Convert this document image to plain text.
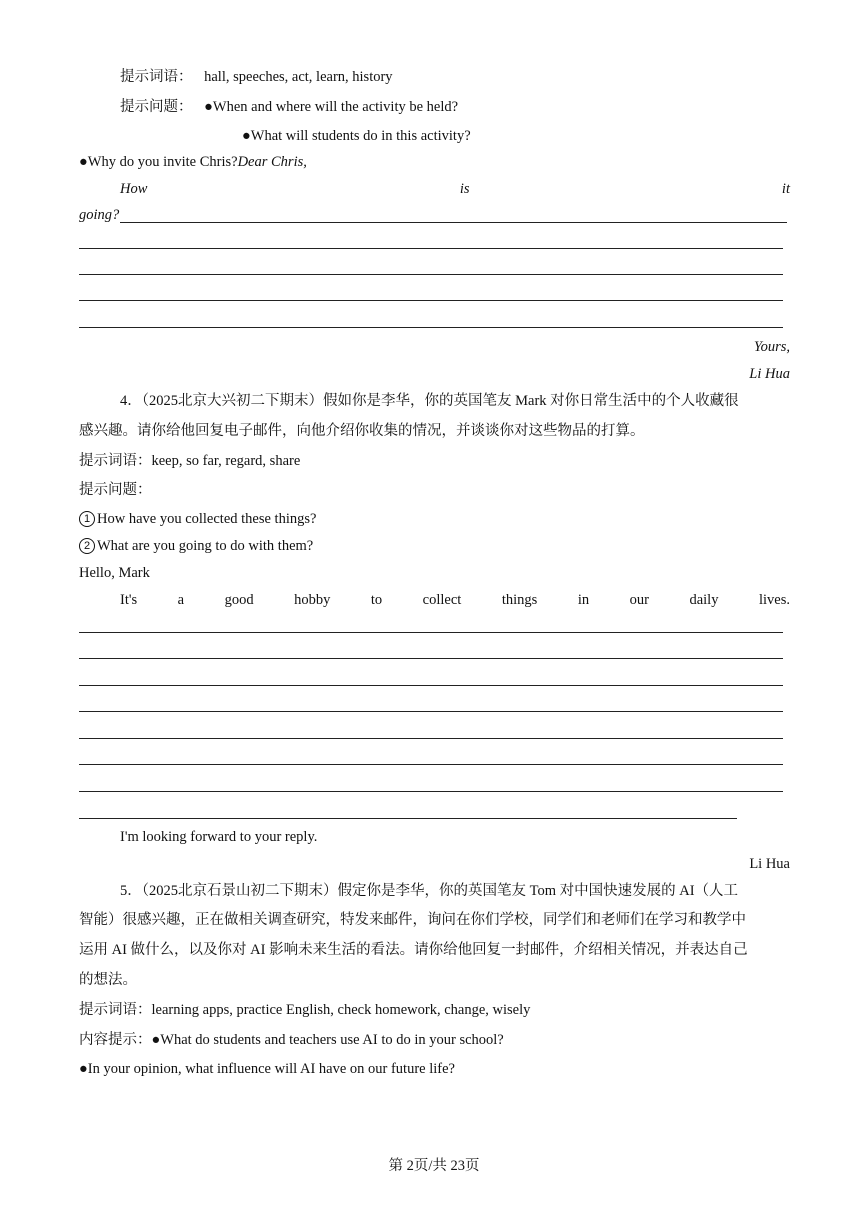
提示词语： hall, speeches, act, learn, history
提示问题： ●When and where will the activity be held?
●What will students do in this activity?
●Why do you invite Chris?Dear Chris,
How	is	it
going?
Yours,
Li Hua
4．（2025北京大兴初二下期末）假如你是李华，你的英国笔友 Mark 对你日常生活中的个人收藏很
感兴趣。请你给他回复电子邮件，向他介绍你收集的情况，并谈谈你对这些物品的打算。
提示词语：keep, so far, regard, share
提示问题：
1 How have you collected these things?
2 What are you going to do with them?
Hello, Mark
It's	a	good	hobby	to	collect	things	in	our	daily	lives.
I'm looking forward to your reply.
Li Hua
5．（2025北京石景山初二下期末）假定你是李华，你的英国笔友 Tom 对中国快速发展的 AI（人工
智能）很感兴趣，正在做相关调查研究，特发来邮件，询问在你们学校，同学们和老师们在学习和教学中
运用 AI 做什么，以及你对 AI 影响未来生活的看法。请你给他回复一封邮件，介绍相关情况，并表达自己
的想法。
提示词语：learning apps, practice English, check homework, change, wisely
内容提示：●What do students and teachers use AI to do in your school?
●In your opinion, what influence will AI have on our future life?
第 2页/共 23页
